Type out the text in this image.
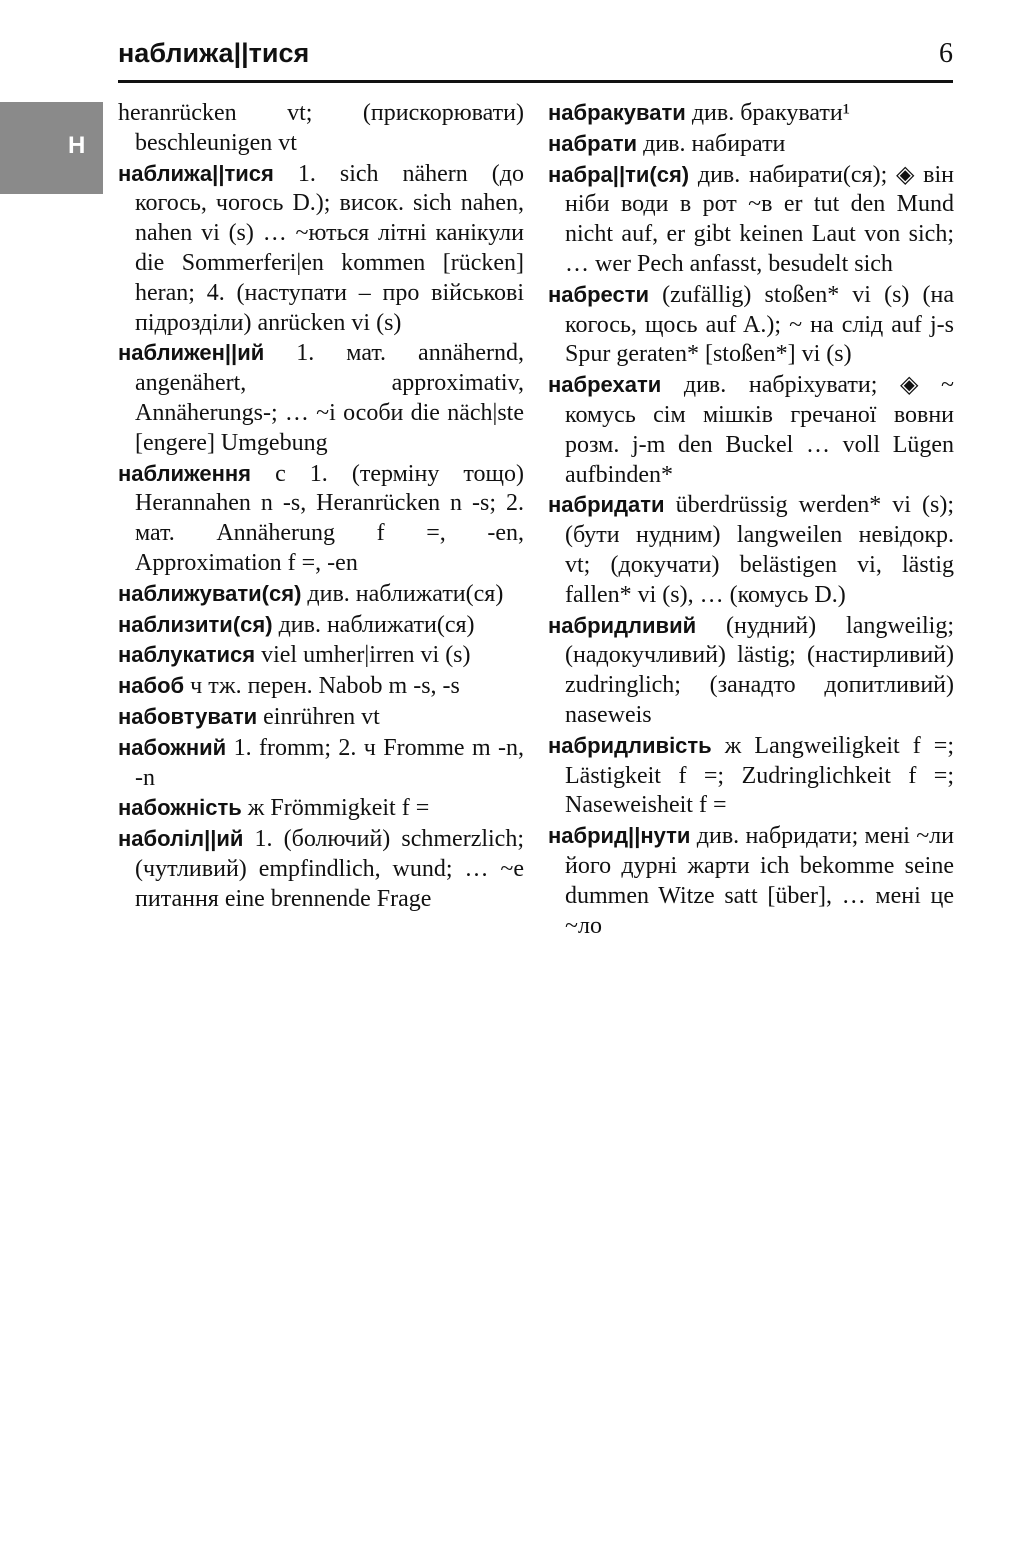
наближа||тися	6
Н

heranrücken vt; (прискорювати) beschleunigen vt

наближа||тися 1. sich nähern (до когось, чогось D.); висок. sich nahen, nahen vi (s) … ~ються літні канікули die Sommerferi|en kommen [rücken] heran; 4. (наступати – про військові підрозділи) anrücken vi (s)

наближен||ий 1. мат. annähernd, angenähert, approximativ, Annäherungs-; … ~і особи die näch|ste [engere] Umgebung

наближення с 1. (терміну тощо) Herannahen n -s, Heranrücken n -s; 2. мат. Annäherung f =, -en, Approximation f =, -en

наближувати(ся) див. наближати(ся)

наблизити(ся) див. наближати(ся)

наблукатися viel umher|irren vi (s)

набоб ч тж. перен. Nabob m -s, -s

набовтувати einrühren vt

набожний 1. fromm; 2. ч Fromme m -n, -n

набожність ж Frömmigkeit f =

наболіл||ий 1. (болючий) schmerzlich; (чутливий) empfindlich, wund; … ~е питання eine brennende Frage

набракувати див. бракувати¹

набрати див. набирати

набра||ти(ся) див. набирати(ся); ◈ він ніби води в рот ~в er tut den Mund nicht auf, er gibt keinen Laut von sich; … wer Pech anfasst, besudelt sich

набрести (zufällig) stoßen* vi (s) (на когось, щось auf A.); ~ на слід auf j-s Spur geraten* [stoßen*] vi (s)

набрехати див. набріхувати; ◈ ~ комусь сім мішків гречаної вовни розм. j-m den Buckel … voll Lügen aufbinden*

набридати überdrüssig werden* vi (s); (бути нудним) langweilen невідокр. vt; (докучати) belästigen vi, lästig fallen* vi (s), … (комусь D.)

набридливий (нудний) langweilig; (надокучливий) lästig; (настирливий) zudringlich; (занадто допитливий) naseweis

набридливість ж Langweiligkeit f =; Lästigkeit f =; Zudringlichkeit f =; Naseweisheit f =

набрид||нути див. набридати; мені ~ли його дурні жарти ich bekomme seine dummen Witze satt [über], … мені це ~ло
